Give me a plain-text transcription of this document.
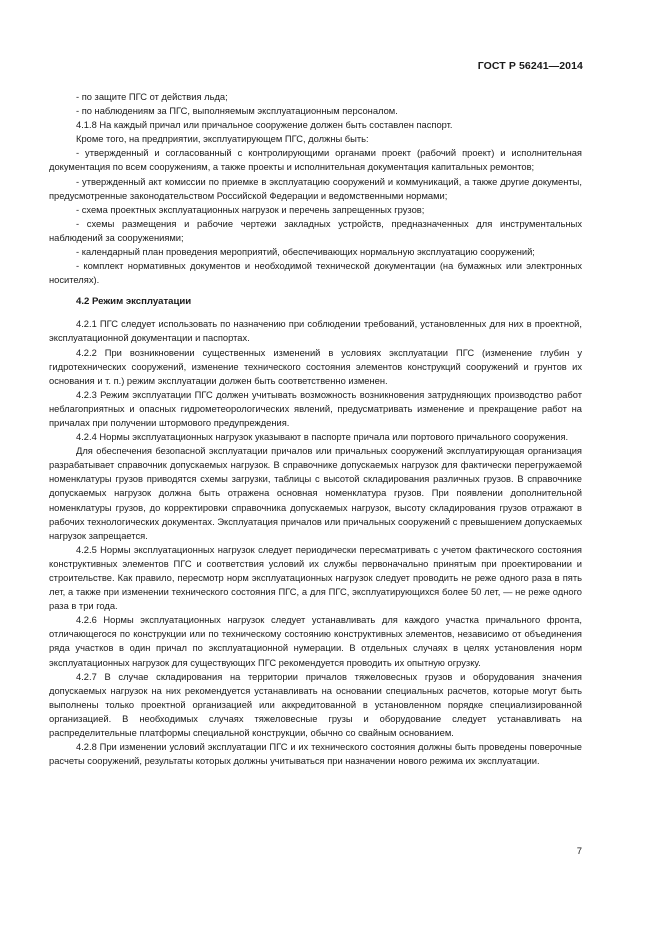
ГОСТ Р 56241—2014

- по защите ПГС от действия льда;

- по наблюдениям за ПГС, выполняемым эксплуатационным персоналом.

4.1.8 На каждый причал или причальное сооружение должен быть составлен паспорт.

Кроме того, на предприятии, эксплуатирующем ПГС, должны быть:

- утвержденный и согласованный с контролирующими органами проект (рабочий проект) и исполнительная документация по всем сооружениям, а также проекты и исполнительная документация капитальных ремонтов;

- утвержденный акт комиссии по приемке в эксплуатацию сооружений и коммуникаций, а также другие документы, предусмотренные законодательством Российской Федерации и ведомственными нормами;

- схема проектных эксплуатационных нагрузок и перечень запрещенных грузов;

- схемы размещения и рабочие чертежи закладных устройств, предназначенных для инструментальных наблюдений за сооружениями;

- календарный план проведения мероприятий, обеспечивающих нормальную эксплуатацию сооружений;

- комплект нормативных документов и необходимой технической документации (на бумажных или электронных носителях).

4.2 Режим эксплуатации

4.2.1 ПГС следует использовать по назначению при соблюдении требований, установленных для них в проектной, эксплуатационной документации и паспортах.

4.2.2 При возникновении существенных изменений в условиях эксплуатации ПГС (изменение глубин у гидротехнических сооружений, изменение технического состояния элементов конструкций сооружений и грунтов их основания и т. п.) режим эксплуатации должен быть соответственно изменен.

4.2.3 Режим эксплуатации ПГС должен учитывать возможность возникновения затрудняющих производство работ неблагоприятных и опасных гидрометеорологических явлений, предусматривать изменение и прекращение работ на причалах при получении штормового предупреждения.

4.2.4 Нормы эксплуатационных нагрузок указывают в паспорте причала или портового причального сооружения.

Для обеспечения безопасной эксплуатации причалов или причальных сооружений эксплуатирующая организация разрабатывает справочник допускаемых нагрузок. В справочнике допускаемых нагрузок для фактически перегружаемой номенклатуры грузов приводятся схемы загрузки, таблицы с высотой складирования различных грузов. В справочнике допускаемых нагрузок должна быть отражена основная номенклатура грузов. При появлении дополнительной номенклатуры грузов, до корректировки справочника допускаемых нагрузок, высоту складирования грузов отражают в рабочих технологических документах. Эксплуатация причалов или причальных сооружений с превышением допускаемых нагрузок запрещается.

4.2.5 Нормы эксплуатационных нагрузок следует периодически пересматривать с учетом фактического состояния конструктивных элементов ПГС и соответствия условий их службы первоначально принятым при проектировании и строительстве. Как правило, пересмотр норм эксплуатационных нагрузок следует проводить не реже одного раза в пять лет, а также при изменении технического состояния ПГС, а для ПГС, эксплуатирующихся более 50 лет, — не реже одного раза в три года.

4.2.6 Нормы эксплуатационных нагрузок следует устанавливать для каждого участка причального фронта, отличающегося по конструкции или по техническому состоянию конструктивных элементов, независимо от объединения ряда участков в один причал по эксплуатационной нумерации. В отдельных случаях в целях установления норм эксплуатационных нагрузок для существующих ПГС рекомендуется проводить их опытную огрузку.

4.2.7 В случае складирования на территории причалов тяжеловесных грузов и оборудования значения допускаемых нагрузок на них рекомендуется устанавливать на основании специальных расчетов, которые могут быть выполнены только проектной организацией или аккредитованной в установленном порядке специализированной организацией. В необходимых случаях тяжеловесные грузы и оборудование следует устанавливать на распределительные платформы специальной конструкции, обычно со свайным основанием.

4.2.8 При изменении условий эксплуатации ПГС и их технического состояния должны быть проведены поверочные расчеты сооружений, результаты которых должны учитываться при назначении нового режима их эксплуатации.

7
